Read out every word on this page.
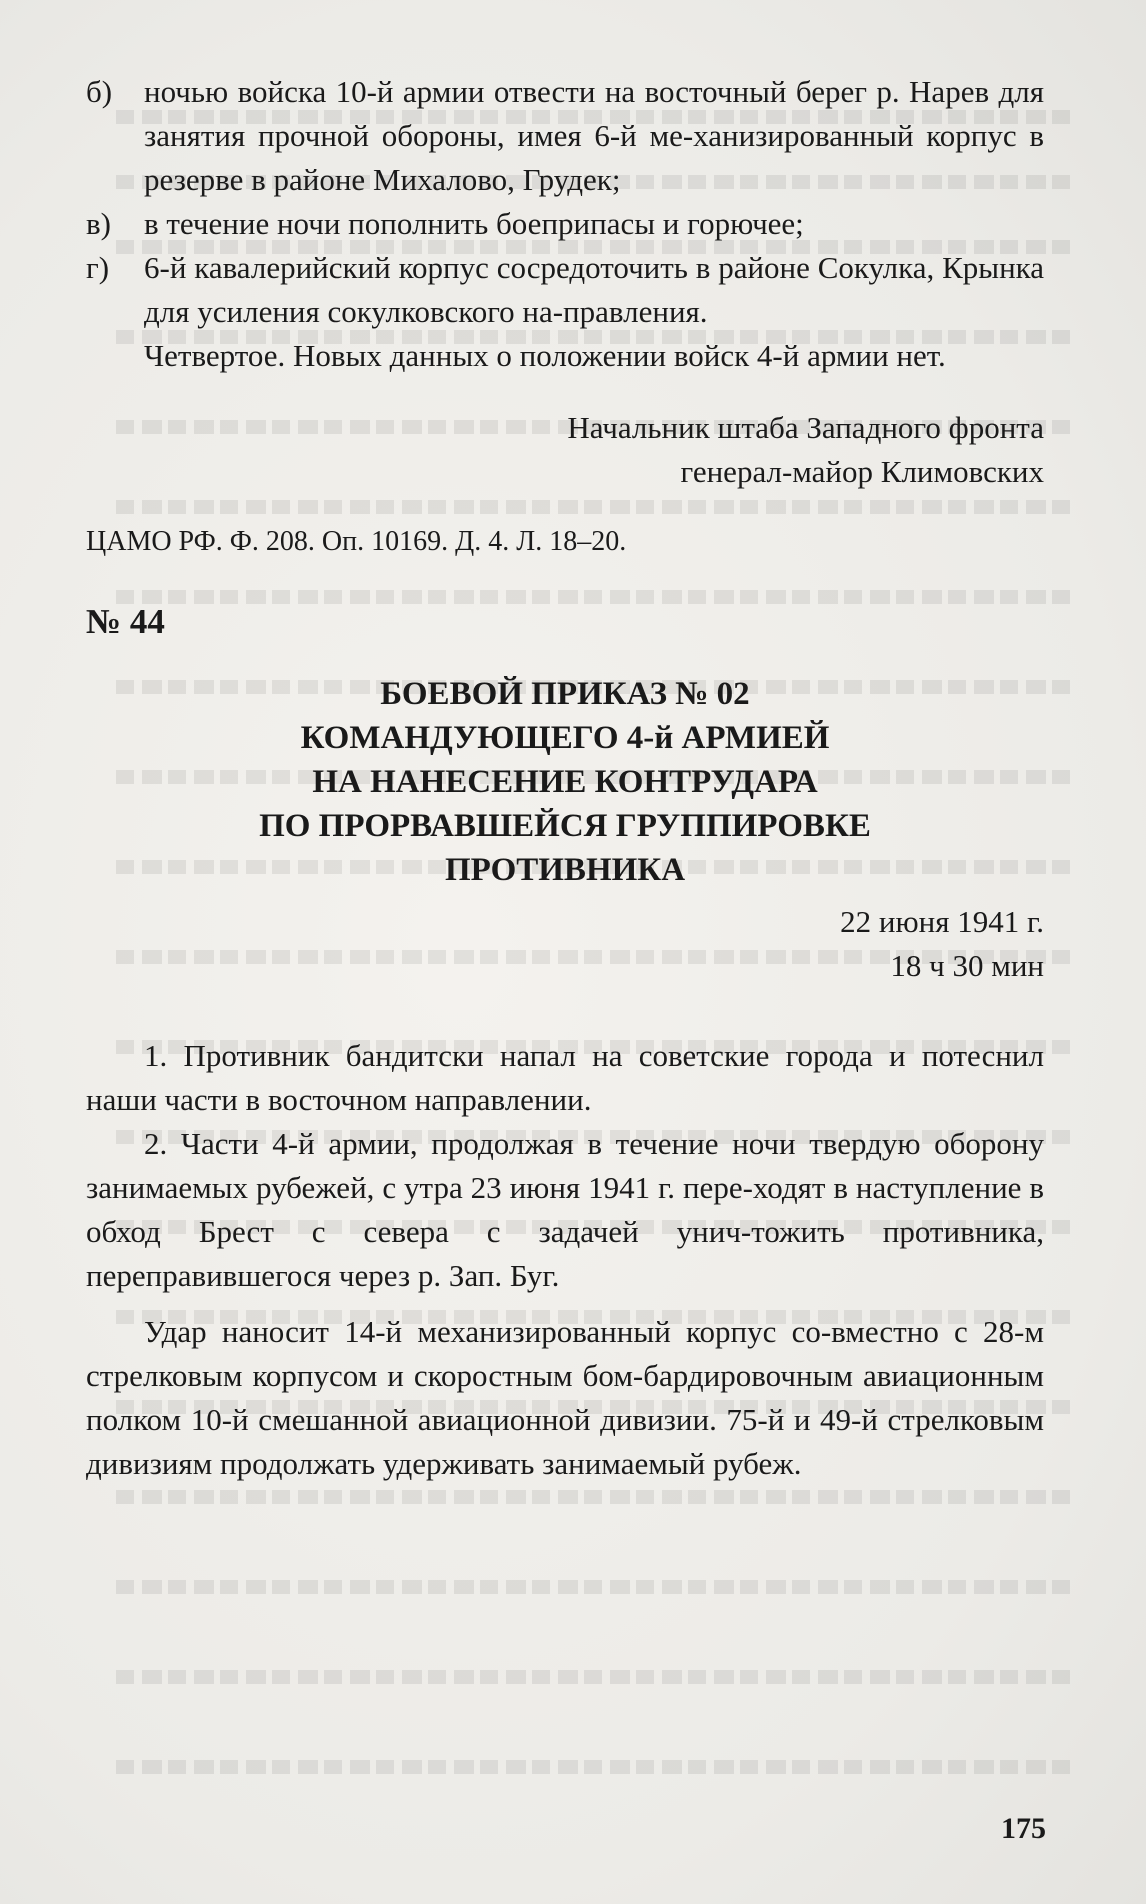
б)	ночью войска 10-й армии отвести на восточный берег р. Нарев для занятия прочной обороны, имея 6-й ме-ханизированный корпус в резерве в районе Михалово, Грудек;
в)	в течение ночи пополнить боеприпасы и горючее;
г)	6-й кавалерийский корпус сосредоточить в районе Сокулка, Крынка для усиления сокулковского на-правления.

Четвертое. Новых данных о положении войск 4-й армии нет.

Начальник штаба Западного фронта
генерал-майор Климовских
ЦАМО РФ. Ф. 208. Оп. 10169. Д. 4. Л. 18–20.
№ 44
БОЕВОЙ ПРИКАЗ № 02
КОМАНДУЮЩЕГО 4-й АРМИЕЙ
НА НАНЕСЕНИЕ КОНТРУДАРА
ПО ПРОРВАВШЕЙСЯ ГРУППИРОВКЕ
ПРОТИВНИКА
22 июня 1941 г.
18 ч 30 мин

1. Противник бандитски напал на советские города и потеснил наши части в восточном направлении.

2. Части 4-й армии, продолжая в течение ночи твердую оборону занимаемых рубежей, с утра 23 июня 1941 г. пере-ходят в наступление в обход Брест с севера с задачей унич-тожить противника, переправившегося через р. Зап. Буг.

Удар наносит 14-й механизированный корпус со-вместно с 28-м стрелковым корпусом и скоростным бом-бардировочным авиационным полком 10-й смешанной авиационной дивизии. 75-й и 49-й стрелковым дивизиям продолжать удерживать занимаемый рубеж.

175
